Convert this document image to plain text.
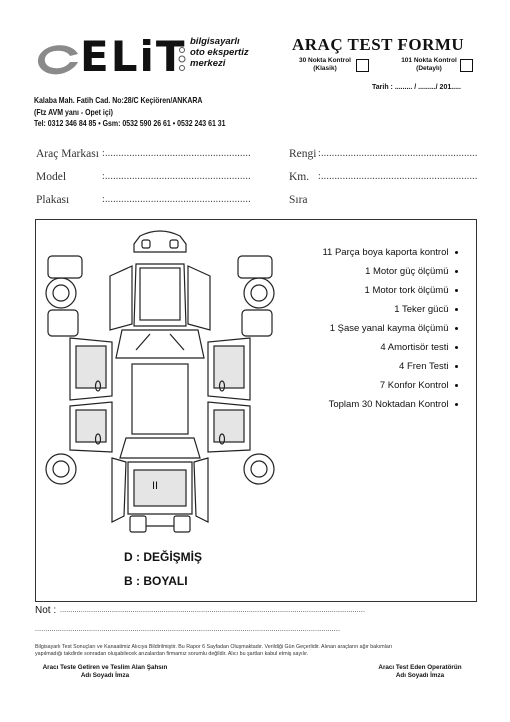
ELiT bilgisayarlı
oto ekspertiz
merkezi
Kalaba Mah. Fatih Cad. No:28/C Keçiören/ANKARA
(Ftz AVM yanı - Opet içi)
Tel: 0312 346 84 85 • Gsm: 0532 590 26 61 • 0532 243 61 31
ARAÇ TEST FORMU
30 Nokta Kontrol
(Klasik)
101 Nokta Kontrol
(Detaylı)
Tarih : ......... / ........./ 201.....
Araç Markası :......................................................
Model	:......................................................
Plakası	:......................................................
Rengi :..........................................................
Km. :..........................................................
Sıra
II
11 Parça boya kaporta kontrol
1 Motor güç ölçümü
1 Motor tork ölçümü
1 Teker gücü
1 Şase yanal kayma ölçümü
4 Amortisör testi
4 Fren Testi
7 Konfor Kontrol
Toplam 30 Noktadan Kontrol
D : DEĞİŞMİŞ
B : BOYALI
Not : ...................................................................................................................................................
...................................................................................................................................................
Bilgisayarlı Test Sonuçları ve Kanaatimiz Alıcıya Bildirilmiştir. Bu Rapor 6 Sayfadan Oluşmaktadır. Verildiği Gün Geçerlidir. Alınan araçların ağır bakımları
yapılmadığı takdirde sonradan oluşabilecek arızalardan firmamız sorumlu değildir. Alıcı bu şartları kabul etmiş sayılır.
Aracı Teste Getiren ve Teslim Alan Şahsın
Adı Soyadı İmza
Aracı Test Eden Operatörün
Adı Soyadı İmza
